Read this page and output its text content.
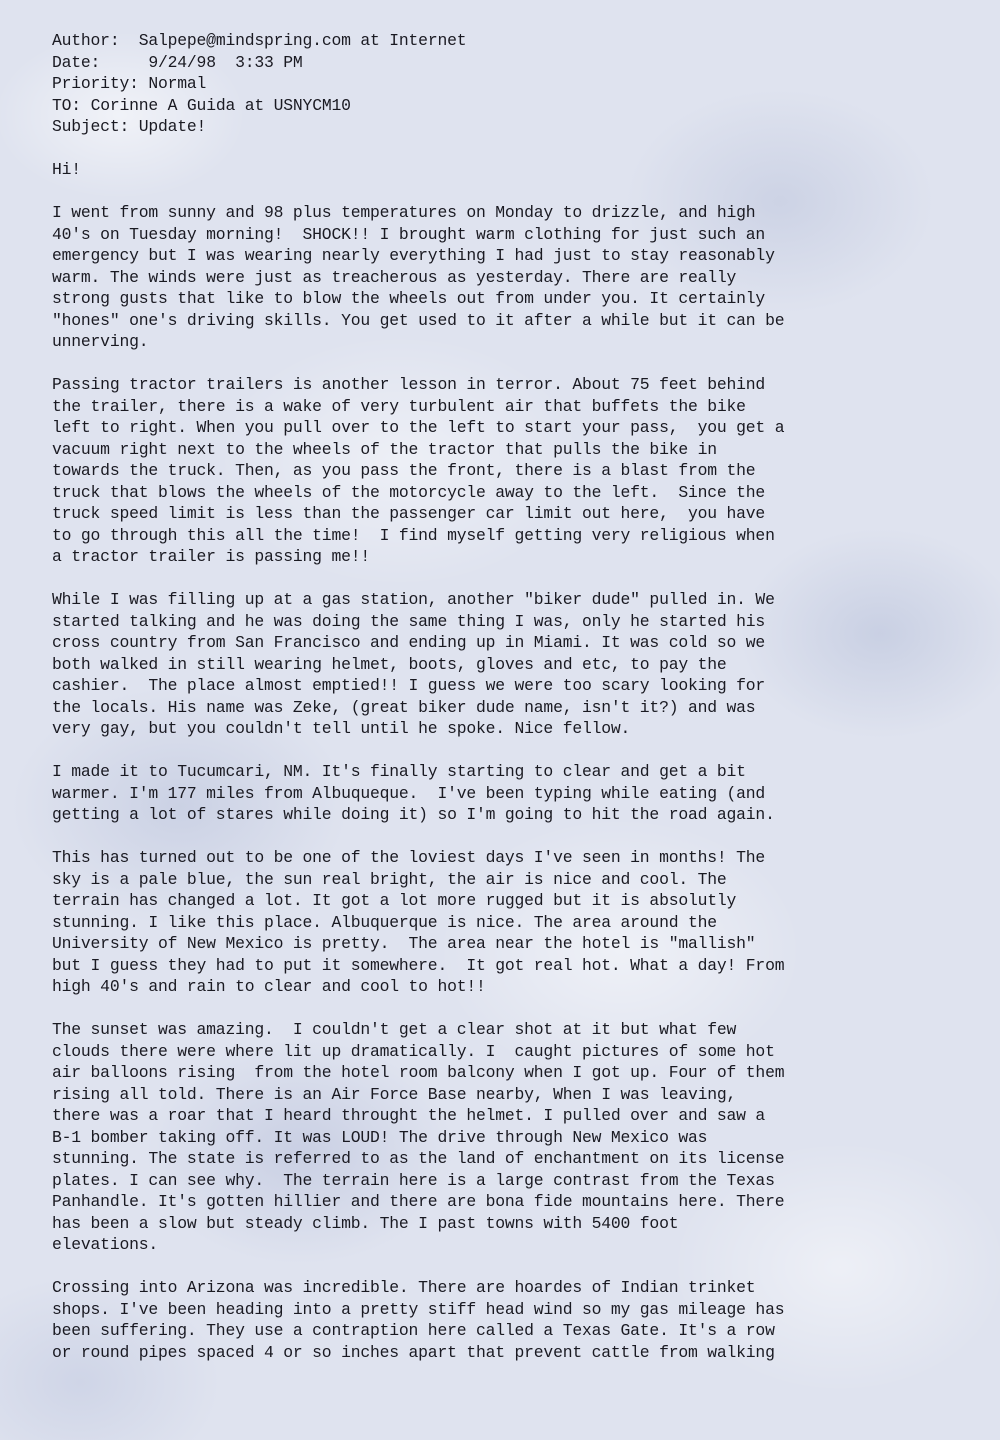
Author: Salpepe@mindspring.com at Internet

Date:	9/24/98  3:33 PM

Priority: Normal

TO: Corinne A Guida at USNYCM10

Subject: Update!

Hi!

I went from sunny and 98 plus temperatures on Monday to drizzle, and high
40's on Tuesday morning!  SHOCK!! I brought warm clothing for just such an
emergency but I was wearing nearly everything I had just to stay reasonably
warm. The winds were just as treacherous as yesterday. There are really
strong gusts that like to blow the wheels out from under you. It certainly
"hones" one's driving skills. You get used to it after a while but it can be
unnerving.
Passing tractor trailers is another lesson in terror. About 75 feet behind
the trailer, there is a wake of very turbulent air that buffets the bike
left to right. When you pull over to the left to start your pass,  you get a
vacuum right next to the wheels of the tractor that pulls the bike in
towards the truck. Then, as you pass the front, there is a blast from the
truck that blows the wheels of the motorcycle away to the left.  Since the
truck speed limit is less than the passenger car limit out here,  you have
to go through this all the time!  I find myself getting very religious when
a tractor trailer is passing me!!
While I was filling up at a gas station, another "biker dude" pulled in. We
started talking and he was doing the same thing I was, only he started his
cross country from San Francisco and ending up in Miami. It was cold so we
both walked in still wearing helmet, boots, gloves and etc, to pay the
cashier.  The place almost emptied!! I guess we were too scary looking for
the locals. His name was Zeke, (great biker dude name, isn't it?) and was
very gay, but you couldn't tell until he spoke. Nice fellow.
I made it to Tucumcari, NM. It's finally starting to clear and get a bit
warmer. I'm 177 miles from Albuqueque.  I've been typing while eating (and
getting a lot of stares while doing it) so I'm going to hit the road again.
This has turned out to be one of the loviest days I've seen in months! The
sky is a pale blue, the sun real bright, the air is nice and cool. The
terrain has changed a lot. It got a lot more rugged but it is absolutly
stunning. I like this place. Albuquerque is nice. The area around the
University of New Mexico is pretty.  The area near the hotel is "mallish"
but I guess they had to put it somewhere.  It got real hot. What a day! From
high 40's and rain to clear and cool to hot!!
The sunset was amazing.  I couldn't get a clear shot at it but what few
clouds there were where lit up dramatically. I  caught pictures of some hot
air balloons rising  from the hotel room balcony when I got up. Four of them
rising all told. There is an Air Force Base nearby, When I was leaving,
there was a roar that I heard throught the helmet. I pulled over and saw a
B-1 bomber taking off. It was LOUD! The drive through New Mexico was
stunning. The state is referred to as the land of enchantment on its license
plates. I can see why.  The terrain here is a large contrast from the Texas
Panhandle. It's gotten hillier and there are bona fide mountains here. There
has been a slow but steady climb. The I past towns with 5400 foot
elevations.
Crossing into Arizona was incredible. There are hoardes of Indian trinket
shops. I've been heading into a pretty stiff head wind so my gas mileage has
been suffering. They use a contraption here called a Texas Gate. It's a row
or round pipes spaced 4 or so inches apart that prevent cattle from walking
